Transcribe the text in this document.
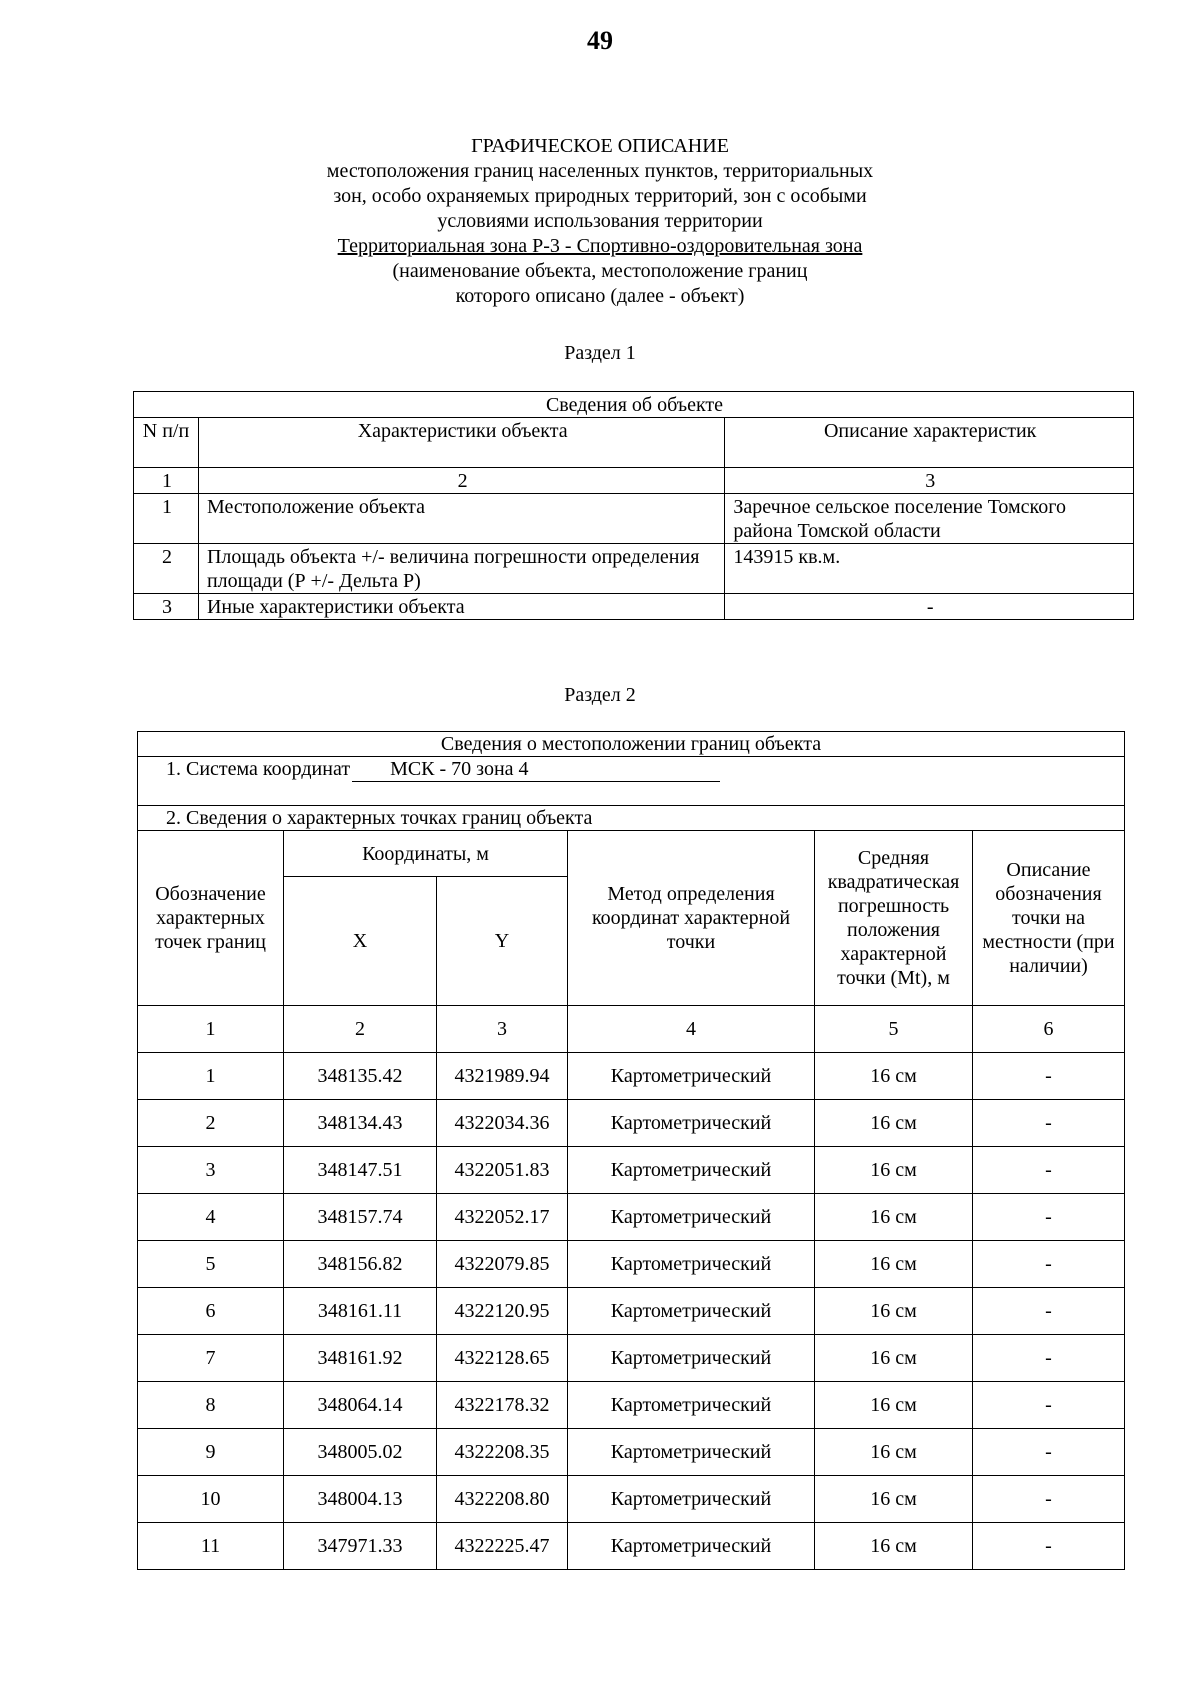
49
ГРАФИЧЕСКОЕ ОПИСАНИЕ
местоположения границ населенных пунктов, территориальных
зон, особо охраняемых природных территорий, зон с особыми
условиями использования территории
Территориальная зона Р-3 - Спортивно-оздоровительная зона
(наименование объекта, местоположение границ
которого описано (далее - объект)
Раздел 1
Сведения об объекте		
N п/п	Характеристики объекта	Описание характеристик
1	2	3
1	Местоположение объекта	Заречное сельское поселение Томского района Томской области
2	Площадь объекта +/- величина погрешности определения площади (Р +/- Дельта Р)	143915 кв.м.
3	Иные характеристики объекта	-
Раздел 2
Сведения о местоположении границ объекта					
1. Система координат МСК - 70 зона 4					
2. Сведения о характерных точках границ объекта					
Обозначение характерных точек границ	Координаты, м		Метод определения координат характерной точки	Средняя квадратическая погрешность положения характерной точки (Mt), м	Описание обозначения точки на местности (при наличии)
	X	Y			
1	2	3	4	5	6
1	348135.42	4321989.94	Картометрический	16 см	-
2	348134.43	4322034.36	Картометрический	16 см	-
3	348147.51	4322051.83	Картометрический	16 см	-
4	348157.74	4322052.17	Картометрический	16 см	-
5	348156.82	4322079.85	Картометрический	16 см	-
6	348161.11	4322120.95	Картометрический	16 см	-
7	348161.92	4322128.65	Картометрический	16 см	-
8	348064.14	4322178.32	Картометрический	16 см	-
9	348005.02	4322208.35	Картометрический	16 см	-
10	348004.13	4322208.80	Картометрический	16 см	-
11	347971.33	4322225.47	Картометрический	16 см	-
